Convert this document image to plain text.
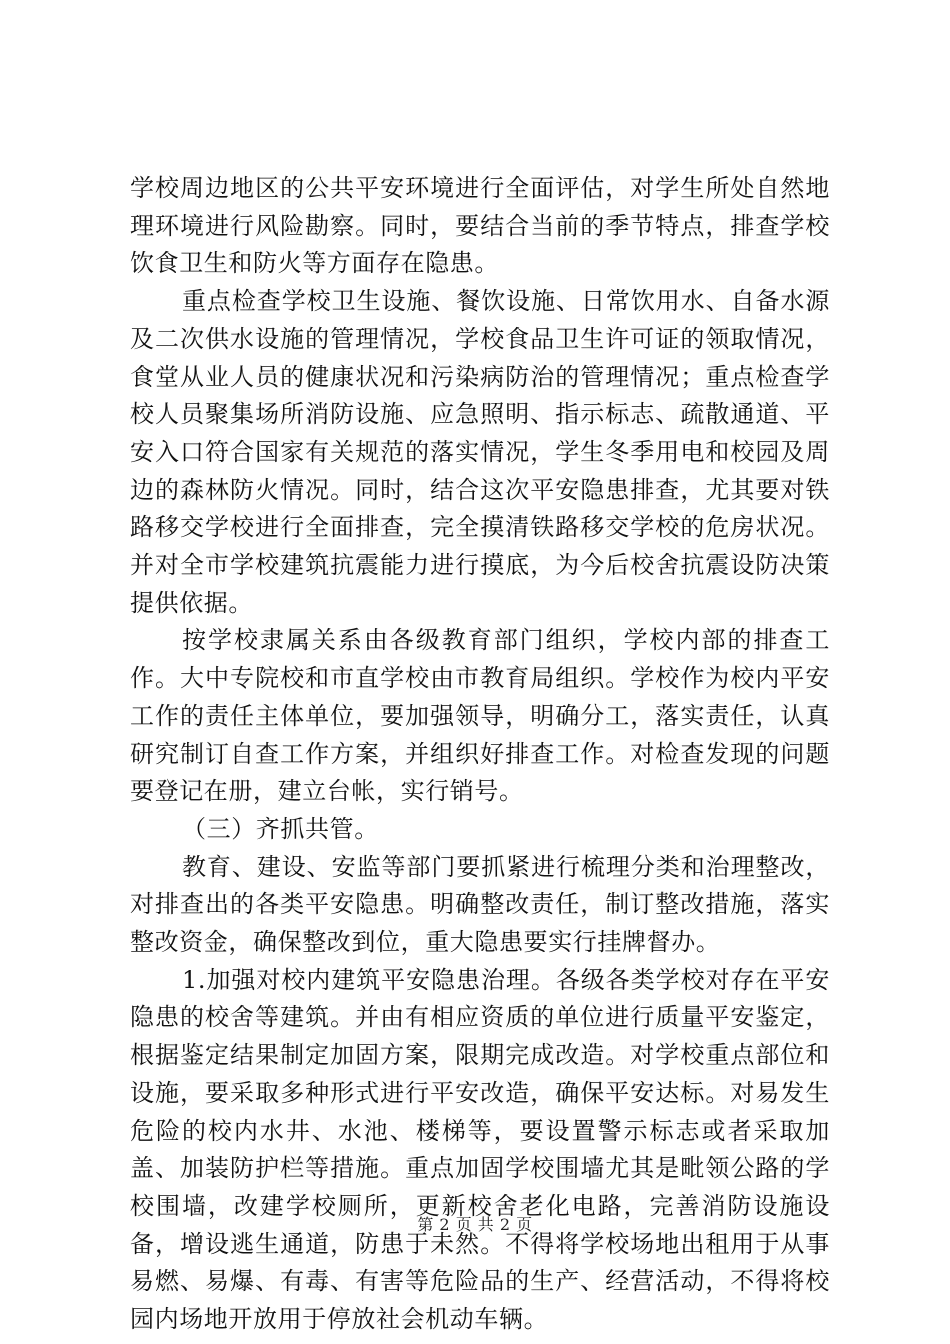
学校周边地区的公共平安环境进行全面评估，对学生所处自然地理环境进行风险勘察。同时，要结合当前的季节特点，排查学校饮食卫生和防火等方面存在隐患。

重点检查学校卫生设施、餐饮设施、日常饮用水、自备水源及二次供水设施的管理情况，学校食品卫生许可证的领取情况，食堂从业人员的健康状况和污染病防治的管理情况；重点检查学校人员聚集场所消防设施、应急照明、指示标志、疏散通道、平安入口符合国家有关规范的落实情况，学生冬季用电和校园及周边的森林防火情况。同时，结合这次平安隐患排查，尤其要对铁路移交学校进行全面排查，完全摸清铁路移交学校的危房状况。并对全市学校建筑抗震能力进行摸底，为今后校舍抗震设防决策提供依据。

按学校隶属关系由各级教育部门组织，学校内部的排查工作。大中专院校和市直学校由市教育局组织。学校作为校内平安工作的责任主体单位，要加强领导，明确分工，落实责任，认真研究制订自查工作方案，并组织好排查工作。对检查发现的问题要登记在册，建立台帐，实行销号。

（三）齐抓共管。

教育、建设、安监等部门要抓紧进行梳理分类和治理整改，对排查出的各类平安隐患。明确整改责任，制订整改措施，落实整改资金，确保整改到位，重大隐患要实行挂牌督办。

1.加强对校内建筑平安隐患治理。各级各类学校对存在平安隐患的校舍等建筑。并由有相应资质的单位进行质量平安鉴定，根据鉴定结果制定加固方案，限期完成改造。对学校重点部位和设施，要采取多种形式进行平安改造，确保平安达标。对易发生危险的校内水井、水池、楼梯等，要设置警示标志或者采取加盖、加装防护栏等措施。重点加固学校围墙尤其是毗领公路的学校围墙，改建学校厕所，更新校舍老化电路，完善消防设施设备，增设逃生通道，防患于未然。不得将学校场地出租用于从事易燃、易爆、有毒、有害等危险品的生产、经营活动，不得将校园内场地开放用于停放社会机动车辆。

第 2 页 共 2 页
